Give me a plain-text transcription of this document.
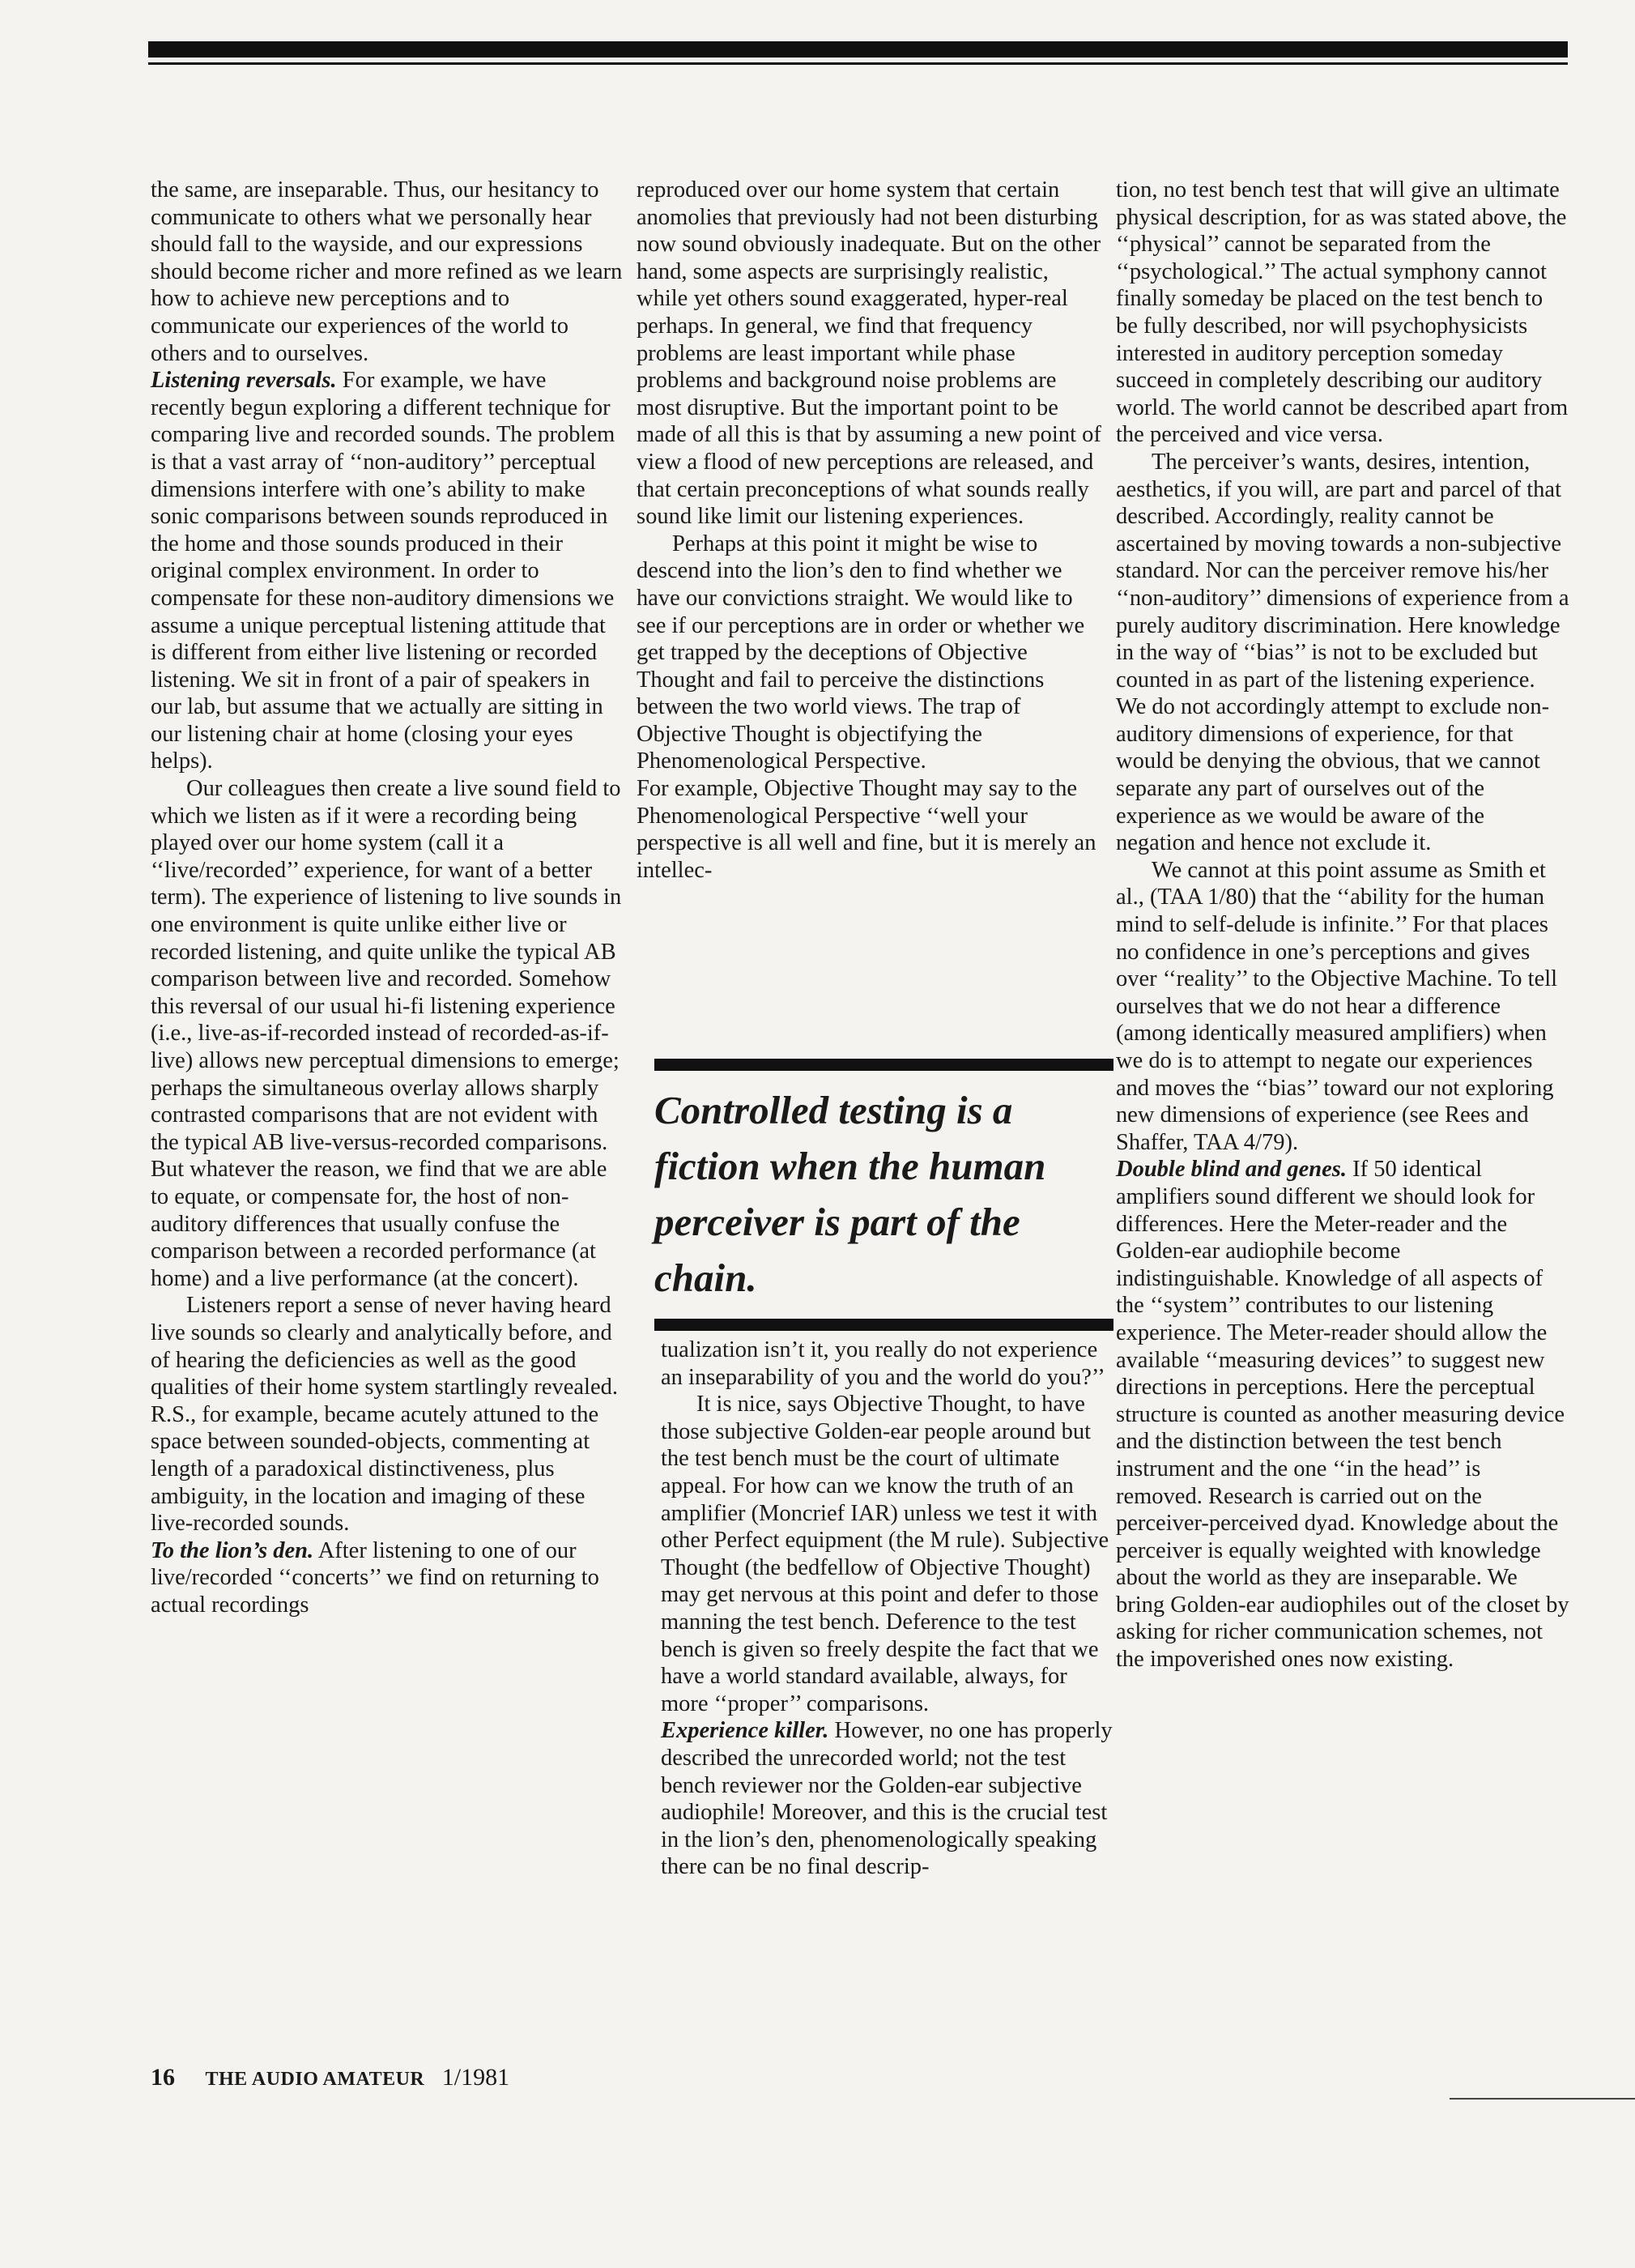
the same, are inseparable. Thus, our hesitancy to communicate to others what we personally hear should fall to the wayside, and our expressions should become richer and more refined as we learn how to achieve new perceptions and to communicate our experiences of the world to others and to ourselves.

Listening reversals. For example, we have recently begun exploring a different technique for comparing live and recorded sounds. The problem is that a vast array of ‘‘non-auditory’’ perceptual dimensions interfere with one’s ability to make sonic comparisons between sounds reproduced in the home and those sounds produced in their original complex environment. In order to compensate for these non-auditory dimensions we assume a unique perceptual listening attitude that is different from either live listening or recorded listening. We sit in front of a pair of speakers in our lab, but assume that we actually are sitting in our listening chair at home (closing your eyes helps).

Our colleagues then create a live sound field to which we listen as if it were a recording being played over our home system (call it a ‘‘live/recorded’’ experience, for want of a better term). The experience of listening to live sounds in one environment is quite unlike either live or recorded listening, and quite unlike the typical AB comparison between live and recorded. Somehow this reversal of our usual hi-fi listening experience (i.e., live-as-if-recorded instead of recorded-as-if-live) allows new perceptual dimensions to emerge; perhaps the simultaneous overlay allows sharply contrasted comparisons that are not evident with the typical AB live-versus-recorded comparisons. But whatever the reason, we find that we are able to equate, or compensate for, the host of non-auditory differences that usually confuse the comparison between a recorded performance (at home) and a live performance (at the concert).

Listeners report a sense of never having heard live sounds so clearly and analytically before, and of hearing the deficiencies as well as the good qualities of their home system startlingly revealed. R.S., for example, became acutely attuned to the space between sounded-objects, commenting at length of a paradoxical distinctiveness, plus ambiguity, in the location and imaging of these live-recorded sounds.

To the lion’s den. After listening to one of our live/recorded ‘‘concerts’’ we find on returning to actual recordings

reproduced over our home system that certain anomolies that previously had not been disturbing now sound obviously inadequate. But on the other hand, some aspects are surprisingly realistic, while yet others sound exaggerated, hyper-real perhaps. In general, we find that frequency problems are least important while phase problems and background noise problems are most disruptive. But the important point to be made of all this is that by assuming a new point of view a flood of new perceptions are released, and that certain preconceptions of what sounds really sound like limit our listening experiences.

Perhaps at this point it might be wise to descend into the lion’s den to find whether we have our convictions straight. We would like to see if our perceptions are in order or whether we get trapped by the deceptions of Objective Thought and fail to perceive the distinctions between the two world views. The trap of Objective Thought is objectifying the Phenomenological Perspective.

For example, Objective Thought may say to the Phenomenological Perspective ‘‘well your perspective is all well and fine, but it is merely an intellec-

Controlled testing is a fiction when the human perceiver is part of the chain.

tualization isn’t it, you really do not experience an inseparability of you and the world do you?’’

It is nice, says Objective Thought, to have those subjective Golden-ear people around but the test bench must be the court of ultimate appeal. For how can we know the truth of an amplifier (Moncrief IAR) unless we test it with other Perfect equipment (the M rule). Subjective Thought (the bedfellow of Objective Thought) may get nervous at this point and defer to those manning the test bench. Deference to the test bench is given so freely despite the fact that we have a world standard available, always, for more ‘‘proper’’ comparisons.

Experience killer. However, no one has properly described the unrecorded world; not the test bench reviewer nor the Golden-ear subjective audiophile! Moreover, and this is the crucial test in the lion’s den, phenomenologically speaking there can be no final descrip-

tion, no test bench test that will give an ultimate physical description, for as was stated above, the ‘‘physical’’ cannot be separated from the ‘‘psychological.’’ The actual symphony cannot finally someday be placed on the test bench to be fully described, nor will psychophysicists interested in auditory perception someday succeed in completely describing our auditory world. The world cannot be described apart from the perceived and vice versa.

The perceiver’s wants, desires, intention, aesthetics, if you will, are part and parcel of that described. Accordingly, reality cannot be ascertained by moving towards a non-subjective standard. Nor can the perceiver remove his/her ‘‘non-auditory’’ dimensions of experience from a purely auditory discrimination. Here knowledge in the way of ‘‘bias’’ is not to be excluded but counted in as part of the listening experience. We do not accordingly attempt to exclude non-auditory dimensions of experience, for that would be denying the obvious, that we cannot separate any part of ourselves out of the experience as we would be aware of the negation and hence not exclude it.

We cannot at this point assume as Smith et al., (TAA 1/80) that the ‘‘ability for the human mind to self-delude is infinite.’’ For that places no confidence in one’s perceptions and gives over ‘‘reality’’ to the Objective Machine. To tell ourselves that we do not hear a difference (among identically measured amplifiers) when we do is to attempt to negate our experiences and moves the ‘‘bias’’ toward our not exploring new dimensions of experience (see Rees and Shaffer, TAA 4/79).

Double blind and genes. If 50 identical amplifiers sound different we should look for differences. Here the Meter-reader and the Golden-ear audiophile become indistinguishable. Knowledge of all aspects of the ‘‘system’’ contributes to our listening experience. The Meter-reader should allow the available ‘‘measuring devices’’ to suggest new directions in perceptions. Here the perceptual structure is counted as another measuring device and the distinction between the test bench instrument and the one ‘‘in the head’’ is removed. Research is carried out on the perceiver-perceived dyad. Knowledge about the perceiver is equally weighted with knowledge about the world as they are inseparable. We bring Golden-ear audiophiles out of the closet by asking for richer communication schemes, not the impoverished ones now existing.

16 THE AUDIO AMATEUR 1/1981
